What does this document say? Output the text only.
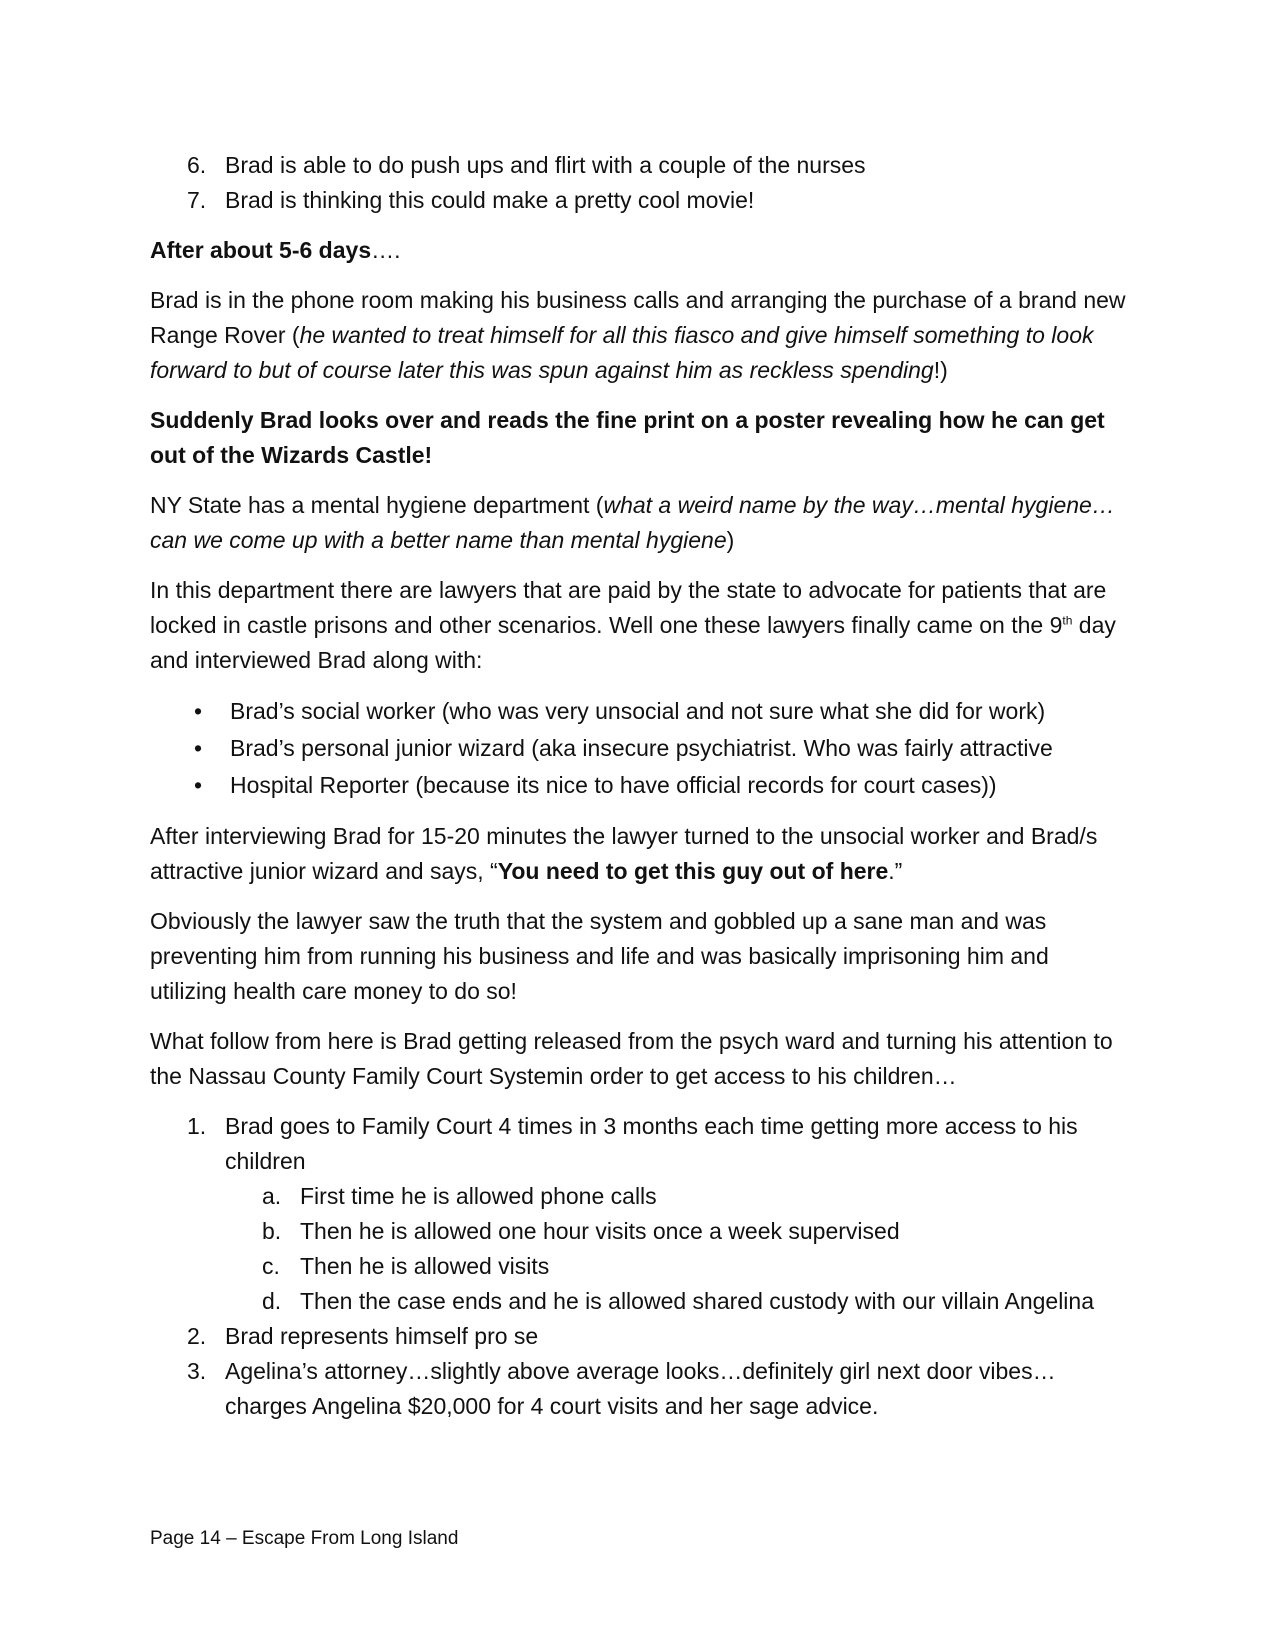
6. Brad is able to do push ups and flirt with a couple of the nurses
7. Brad is thinking this could make a pretty cool movie!

After about 5-6 days….

Brad is in the phone room making his business calls and arranging the purchase of a brand new Range Rover (he wanted to treat himself for all this fiasco and give himself something to look forward to but of course later this was spun against him as reckless spending!)

Suddenly Brad looks over and reads the fine print on a poster revealing how he can get out of the Wizards Castle!

NY State has a mental hygiene department (what a weird name by the way…mental hygiene…can we come up with a better name than mental hygiene)

In this department there are lawyers that are paid by the state to advocate for patients that are locked in castle prisons and other scenarios. Well one these lawyers finally came on the 9th day and interviewed Brad along with:

• Brad’s social worker (who was very unsocial and not sure what she did for work)
• Brad’s personal junior wizard (aka insecure psychiatrist. Who was fairly attractive
• Hospital Reporter (because its nice to have official records for court cases))

After interviewing Brad for 15-20 minutes the lawyer turned to the unsocial worker and Brad/s attractive junior wizard and says, “You need to get this guy out of here.”

Obviously the lawyer saw the truth that the system and gobbled up a sane man and was preventing him from running his business and life and was basically imprisoning him and utilizing health care money to do so!

What follow from here is Brad getting released from the psych ward and turning his attention to the Nassau County Family Court Systemin order to get access to his children…

1. Brad goes to Family Court 4 times in 3 months each time getting more access to his children
a. First time he is allowed phone calls
b. Then he is allowed one hour visits once a week supervised
c. Then he is allowed visits
d. Then the case ends and he is allowed shared custody with our villain Angelina
2. Brad represents himself pro se
3. Agelina’s attorney…slightly above average looks…definitely girl next door vibes…charges Angelina $20,000 for 4 court visits and her sage advice.
Page 14 – Escape From Long Island
